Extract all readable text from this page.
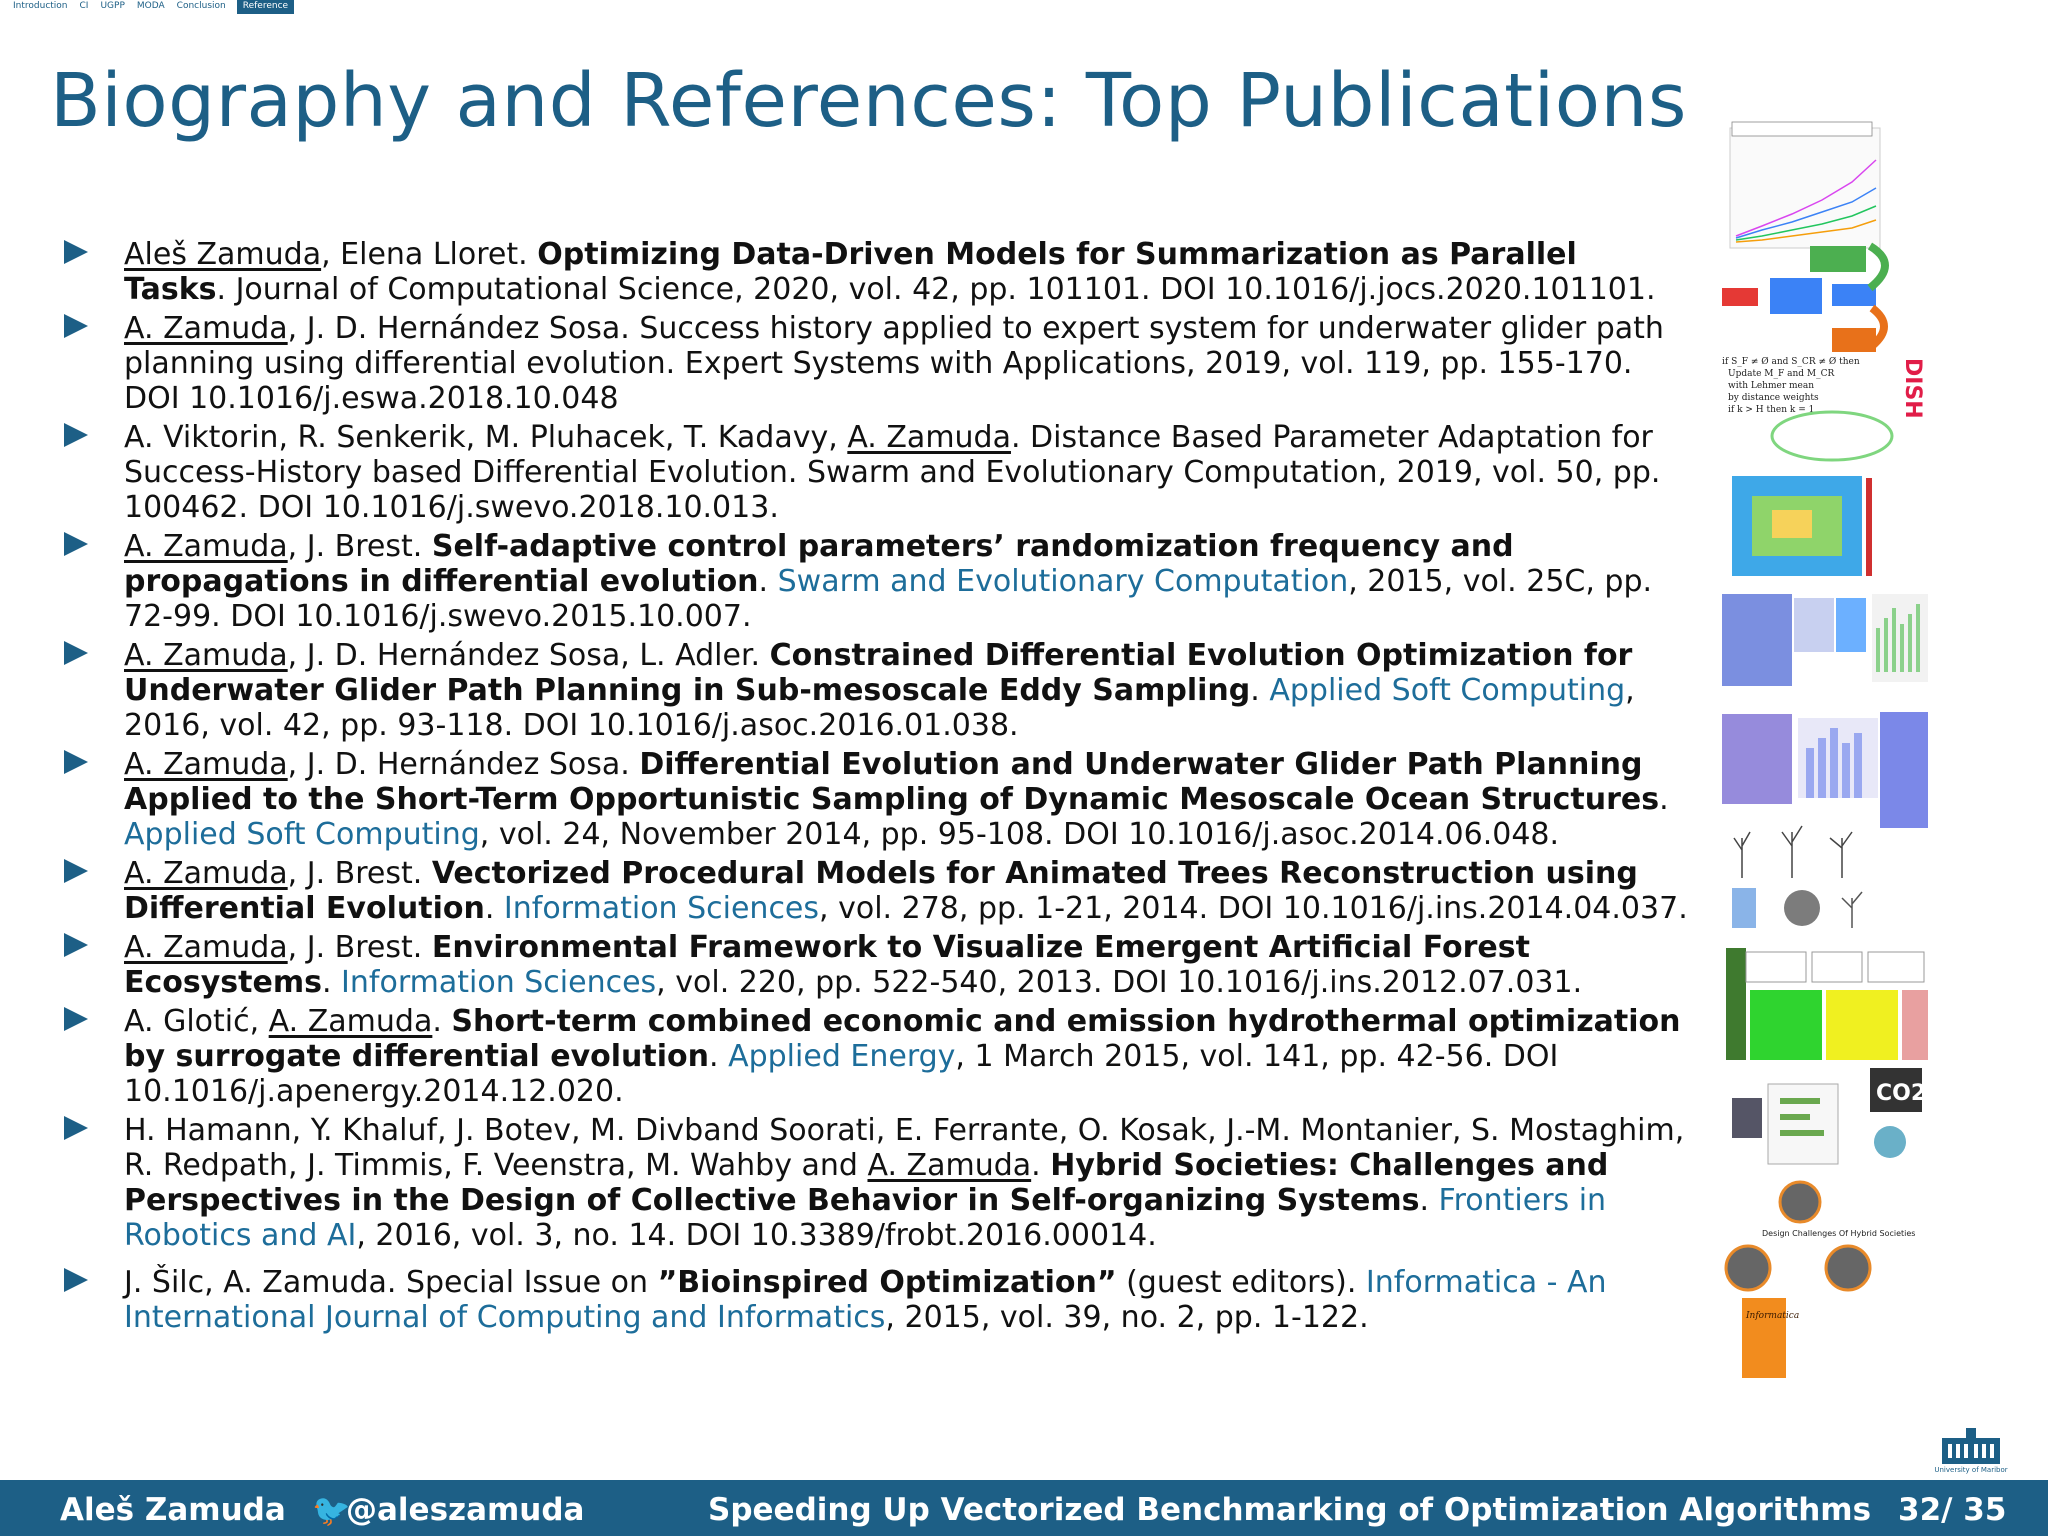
Introduction CI UGPP MODA Conclusion	Reference
Biography and References: Top Publications
Aleš Zamuda, Elena Lloret. Optimizing Data-Driven Models for Summarization as Parallel Tasks. Journal of Computational Science, 2020, vol. 42, pp. 101101. DOI 10.1016/j.jocs.2020.101101.
A. Zamuda, J. D. Hernández Sosa. Success history applied to expert system for underwater glider path planning using differential evolution. Expert Systems with Applications, 2019, vol. 119, pp. 155-170. DOI 10.1016/j.eswa.2018.10.048
A. Viktorin, R. Senkerik, M. Pluhacek, T. Kadavy, A. Zamuda. Distance Based Parameter Adaptation for Success-History based Differential Evolution. Swarm and Evolutionary Computation, 2019, vol. 50, pp. 100462. DOI 10.1016/j.swevo.2018.10.013.
A. Zamuda, J. Brest. Self-adaptive control parameters’ randomization frequency and propagations in differential evolution. Swarm and Evolutionary Computation, 2015, vol. 25C, pp. 72-99. DOI 10.1016/j.swevo.2015.10.007.
A. Zamuda, J. D. Hernández Sosa, L. Adler. Constrained Differential Evolution Optimization for Underwater Glider Path Planning in Sub-mesoscale Eddy Sampling. Applied Soft Computing, 2016, vol. 42, pp. 93-118. DOI 10.1016/j.asoc.2016.01.038.
A. Zamuda, J. D. Hernández Sosa. Differential Evolution and Underwater Glider Path Planning Applied to the Short-Term Opportunistic Sampling of Dynamic Mesoscale Ocean Structures. Applied Soft Computing, vol. 24, November 2014, pp. 95-108. DOI 10.1016/j.asoc.2014.06.048.
A. Zamuda, J. Brest. Vectorized Procedural Models for Animated Trees Reconstruction using Differential Evolution. Information Sciences, vol. 278, pp. 1-21, 2014. DOI 10.1016/j.ins.2014.04.037.
A. Zamuda, J. Brest. Environmental Framework to Visualize Emergent Artificial Forest Ecosystems. Information Sciences, vol. 220, pp. 522-540, 2013. DOI 10.1016/j.ins.2012.07.031.
A. Glotić, A. Zamuda. Short-term combined economic and emission hydrothermal optimization by surrogate differential evolution. Applied Energy, 1 March 2015, vol. 141, pp. 42-56. DOI 10.1016/j.apenergy.2014.12.020.
H. Hamann, Y. Khaluf, J. Botev, M. Divband Soorati, E. Ferrante, O. Kosak, J.-M. Montanier, S. Mostaghim, R. Redpath, J. Timmis, F. Veenstra, M. Wahby and A. Zamuda. Hybrid Societies: Challenges and Perspectives in the Design of Collective Behavior in Self-organizing Systems. Frontiers in Robotics and AI, 2016, vol. 3, no. 14. DOI 10.3389/frobt.2016.00014.
J. Šilc, A. Zamuda. Special Issue on ”Bioinspired Optimization” (guest editors). Informatica - An International Journal of Computing and Informatics, 2015, vol. 39, no. 2, pp. 1-122.
if S_F ≠ Ø and S_CR ≠ Ø then
Update M_F and M_CR
with Lehmer mean
by distance weights
if k > H then k = 1	DISH
CO2
Design Challenges Of Hybrid Societies
Informatica
University of Maribor
Aleš Zamuda 🐦
@aleszamuda	Speeding Up Vectorized Benchmarking of Optimization Algorithms 32/ 35
